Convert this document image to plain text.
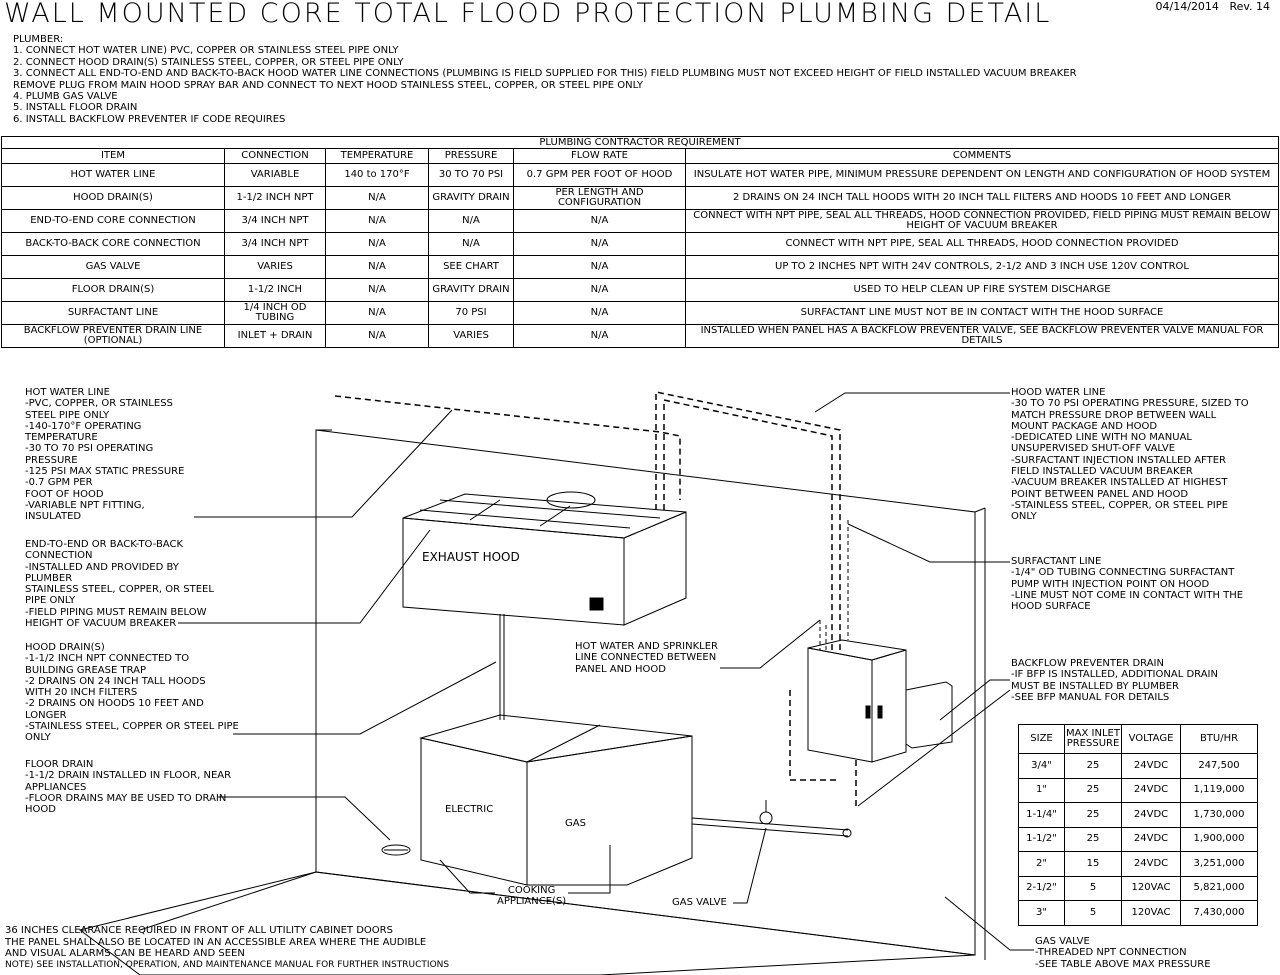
WALL MOUNTED CORE TOTAL FLOOD PROTECTION PLUMBING DETAIL	04/14/2014 Rev. 14
PLUMBER:
1. CONNECT HOT WATER LINE) PVC, COPPER OR STAINLESS STEEL PIPE ONLY
2. CONNECT HOOD DRAIN(S) STAINLESS STEEL, COPPER, OR STEEL PIPE ONLY
3. CONNECT ALL END-TO-END AND BACK-TO-BACK HOOD WATER LINE CONNECTIONS (PLUMBING IS FIELD SUPPLIED FOR THIS) FIELD PLUMBING MUST NOT EXCEED HEIGHT OF FIELD INSTALLED VACUUM BREAKER
REMOVE PLUG FROM MAIN HOOD SPRAY BAR AND CONNECT TO NEXT HOOD STAINLESS STEEL, COPPER, OR STEEL PIPE ONLY
4. PLUMB GAS VALVE
5. INSTALL FLOOR DRAIN
6. INSTALL BACKFLOW PREVENTER IF CODE REQUIRES
PLUMBING CONTRACTOR REQUIREMENT					
ITEM	CONNECTION	TEMPERATURE	PRESSURE	FLOW RATE	COMMENTS
HOT WATER LINE	VARIABLE	140 to 170°F	30 TO 70 PSI	0.7 GPM PER FOOT OF HOOD	INSULATE HOT WATER PIPE, MINIMUM PRESSURE DEPENDENT ON LENGTH AND CONFIGURATION OF HOOD SYSTEM
HOOD DRAIN(S)	1-1/2 INCH NPT	N/A	GRAVITY DRAIN	PER LENGTH AND CONFIGURATION	2 DRAINS ON 24 INCH TALL HOODS WITH 20 INCH TALL FILTERS AND HOODS 10 FEET AND LONGER
END-TO-END CORE CONNECTION	3/4 INCH NPT	N/A	N/A	N/A	CONNECT WITH NPT PIPE, SEAL ALL THREADS, HOOD CONNECTION PROVIDED, FIELD PIPING MUST REMAIN BELOW HEIGHT OF VACUUM BREAKER
BACK-TO-BACK CORE CONNECTION	3/4 INCH NPT	N/A	N/A	N/A	CONNECT WITH NPT PIPE, SEAL ALL THREADS, HOOD CONNECTION PROVIDED
GAS VALVE	VARIES	N/A	SEE CHART	N/A	UP TO 2 INCHES NPT WITH 24V CONTROLS, 2-1/2 AND 3 INCH USE 120V CONTROL
FLOOR DRAIN(S)	1-1/2 INCH	N/A	GRAVITY DRAIN	N/A	USED TO HELP CLEAN UP FIRE SYSTEM DISCHARGE
SURFACTANT LINE	1/4 INCH OD TUBING	N/A	70 PSI	N/A	SURFACTANT LINE MUST NOT BE IN CONTACT WITH THE HOOD SURFACE
BACKFLOW PREVENTER DRAIN LINE (OPTIONAL)	INLET + DRAIN	N/A	VARIES	N/A	INSTALLED WHEN PANEL HAS A BACKFLOW PREVENTER VALVE, SEE BACKFLOW PREVENTER VALVE MANUAL FOR DETAILS
HOT WATER LINE
-PVC, COPPER, OR STAINLESS
STEEL PIPE ONLY
-140-170°F OPERATING
TEMPERATURE
-30 TO 70 PSI OPERATING
PRESSURE
-125 PSI MAX STATIC PRESSURE
-0.7 GPM PER
FOOT OF HOOD
-VARIABLE NPT FITTING,
INSULATED
END-TO-END OR BACK-TO-BACK
CONNECTION
-INSTALLED AND PROVIDED BY
PLUMBER
STAINLESS STEEL, COPPER, OR STEEL
PIPE ONLY
-FIELD PIPING MUST REMAIN BELOW
HEIGHT OF VACUUM BREAKER
HOOD DRAIN(S)
-1-1/2 INCH NPT CONNECTED TO
BUILDING GREASE TRAP
-2 DRAINS ON 24 INCH TALL HOODS
WITH 20 INCH FILTERS
-2 DRAINS ON HOODS 10 FEET AND
LONGER
-STAINLESS STEEL, COPPER OR STEEL PIPE
ONLY
FLOOR DRAIN
-1-1/2 DRAIN INSTALLED IN FLOOR, NEAR
APPLIANCES
-FLOOR DRAINS MAY BE USED TO DRAIN
HOOD
HOOD WATER LINE
-30 TO 70 PSI OPERATING PRESSURE, SIZED TO
MATCH PRESSURE DROP BETWEEN WALL
MOUNT PACKAGE AND HOOD
-DEDICATED LINE WITH NO MANUAL
UNSUPERVISED SHUT-OFF VALVE
-SURFACTANT INJECTION INSTALLED AFTER
FIELD INSTALLED VACUUM BREAKER
-VACUUM BREAKER INSTALLED AT HIGHEST
POINT BETWEEN PANEL AND HOOD
-STAINLESS STEEL, COPPER, OR STEEL PIPE
ONLY
SURFACTANT LINE
-1/4" OD TUBING CONNECTING SURFACTANT
PUMP WITH INJECTION POINT ON HOOD
-LINE MUST NOT COME IN CONTACT WITH THE
HOOD SURFACE
BACKFLOW PREVENTER DRAIN
-IF BFP IS INSTALLED, ADDITIONAL DRAIN
MUST BE INSTALLED BY PLUMBER
-SEE BFP MANUAL FOR DETAILS
HOT WATER AND SPRINKLER
LINE CONNECTED BETWEEN
PANEL AND HOOD
GAS VALVE
-THREADED NPT CONNECTION
-SEE TABLE ABOVE MAX PRESSURE
EXHAUST HOOD
ELECTRIC
GAS
COOKING
APPLIANCE(S)	GAS VALVE
SIZE	MAX INLET PRESSURE	VOLTAGE	BTU/HR
3/4"	25	24VDC	247,500
1"	25	24VDC	1,119,000
1-1/4"	25	24VDC	1,730,000
1-1/2"	25	24VDC	1,900,000
2"	15	24VDC	3,251,000
2-1/2"	5	120VAC	5,821,000
3"	5	120VAC	7,430,000
36 INCHES CLEARANCE REQUIRED IN FRONT OF ALL UTILITY CABINET DOORS
THE PANEL SHALL ALSO BE LOCATED IN AN ACCESSIBLE AREA WHERE THE AUDIBLE
AND VISUAL ALARMS CAN BE HEARD AND SEEN
NOTE) SEE INSTALLATION, OPERATION, AND MAINTENANCE MANUAL FOR FURTHER INSTRUCTIONS
